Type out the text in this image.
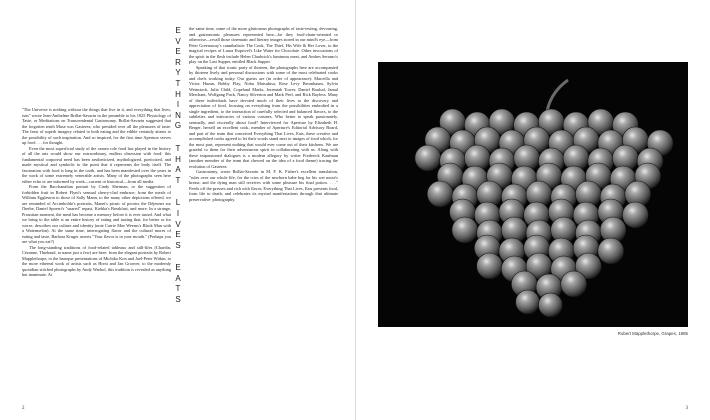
E
V
E
R
Y
T
H
I
N
G
T
H
A
T
L
I
V
E
S
E
A
T
S

"The Universe is nothing without the things that live in it, and everything that lives, eats" wrote Jean-Anthelme Brillat-Savarin in the preamble to his 1825 Physiology of Taste, or Meditations on Transcendental Gastronomy. Brillat-Savarin suggested that the forgotten tenth Muse was Gasterea, who presided over all the pleasures of taste. The feast of superb imagery related to both eating and the edible certainly attests to the possibility of such inspiration. And so inspired, for the first time Aperture serves up food . . . for thought.

Even the most superficial study of the cameo role food has played in the history of all the arts would show our extraordinary, endless obsession with food: this fundamental corporeal need has been aestheticized, mythologized, poeticized, and made mystical and symbolic to the point that it represents the body itself. The fascination with food is long in the tooth, and has been manifested over the years in the work of some extremely venerable artists. Many of the photographs seen here either echo or are informed by work—current or historical—from all media.

From the Bacchanalian portrait by Cindy Sherman, to the suggestion of forbidden fruit in Robert Flynt's sensual cherry-clad embrace; from the meals of William Eggleston to those of Sally Mann, to the many other depictions offered, we are reminded of Arcimboldo's portraits, Manet's picnic of picnics the Déjeuner sur l'herbe, Daniel Spoerri's "snared" repast, Kiebka's Breakfast, and more. In a strange, Proustian moment, the meal has become a memory before it is ever tasted. And what we bring to the table is an entire history of eating and tasting that, for better or for worse, describes our culture and identity (note Carrie Mae Weems's Black Man with a Watermelon). At the same time, interrogating flavor and the cultural mores of eating and taste, Barbara Kruger asserts "Your flavor is in your mouth." (Perhaps you are what you eat?)

The long-standing traditions of food-related tableaux and still-lifes (Chardin, Cézanne, Thiebaud, to name just a few) are here: from the elegant portraits by Robert Mapplethorpe, to the baroque presentations of Michiko Kon and Joel-Peter Witkin, to the more ethereal work of artists such as Horst and Jan Groover, to the modernly quotidian stitched photographs by Andy Warhol, this tradition is revealed as anything but inanimate. At

the same time, some of the more gluttonous photographs of taste-testing, devouring, and gastronomic pleasures represented here—be they food-chain-oriented or otherwise—recall those cinematic and literary images stored in our mind's eye—from Peter Greenaway's cannibalistic The Cook, The Thief, His Wife & Her Lover, to the magical recipes of Laura Esquivel's Like Water for Chocolate. Other invocations of the spirit in the flesh include Helen Chadwick's luminous meat, and Andres Serrano's play on the Last Supper, entitled Black Supper.

Speaking of that iconic party of thirteen, the photographs here are accompanied by thirteen lively and personal discussions with some of the most celebrated cooks and chefs working today. Our guests are (in order of appearance): Marcella and Victor Hazan, Bobby Flay, Nobu Matsuhisa, Rose Levy Beranbaum, Sylvia Weinstock, Julia Child, Copeland Marks, Jeremiah Tower, Daniel Boulud, Jamal Merchant, Wolfgang Puck, Nancy Silverton and Mark Peel, and Rick Bayless. Many of these individuals have devoted much of their lives to the discovery and appreciation of food, focusing on everything from the possibilities embodied in a single ingredient, to the interaction of carefully selected and balanced flavors, to the subtleties and intricacies of various cuisines. Who better to speak passionately, sensually, and viscerally about food? Interviewed for Aperture by Elizabeth H. Berger, herself an excellent cook, member of Aperture's Editorial Advisory Board, and part of the team that conceived Everything That Lives, Eats, these creative and accomplished cooks agreed to let their words stand next to images of food which, for the most part, represent nothing that would ever come out of their kitchens. We are grateful to them for their adventurous spirit in collaborating with us. Along with these impassioned dialogues is a modern allegory by writer Frederick Kaufman (another member of the team that chewed on the idea of a food theme) tracing the evolution of Gasterea.

Gastronomy, wrote Brillat-Savarin in M. F. K. Fisher's excellent translation, "rules over our whole life; for the cries of the newborn babe beg for his wet nurse's breast; and the dying man still receives with some pleasure his final potion. . . ." Feeds off the presses and rich with flavor, Everything That Lives, Eats presents food, from life to death, and celebrates its myriad manifestations through that ultimate preservative: photography.

2
Robert Mapplethorpe, Grapes, 1985
3
